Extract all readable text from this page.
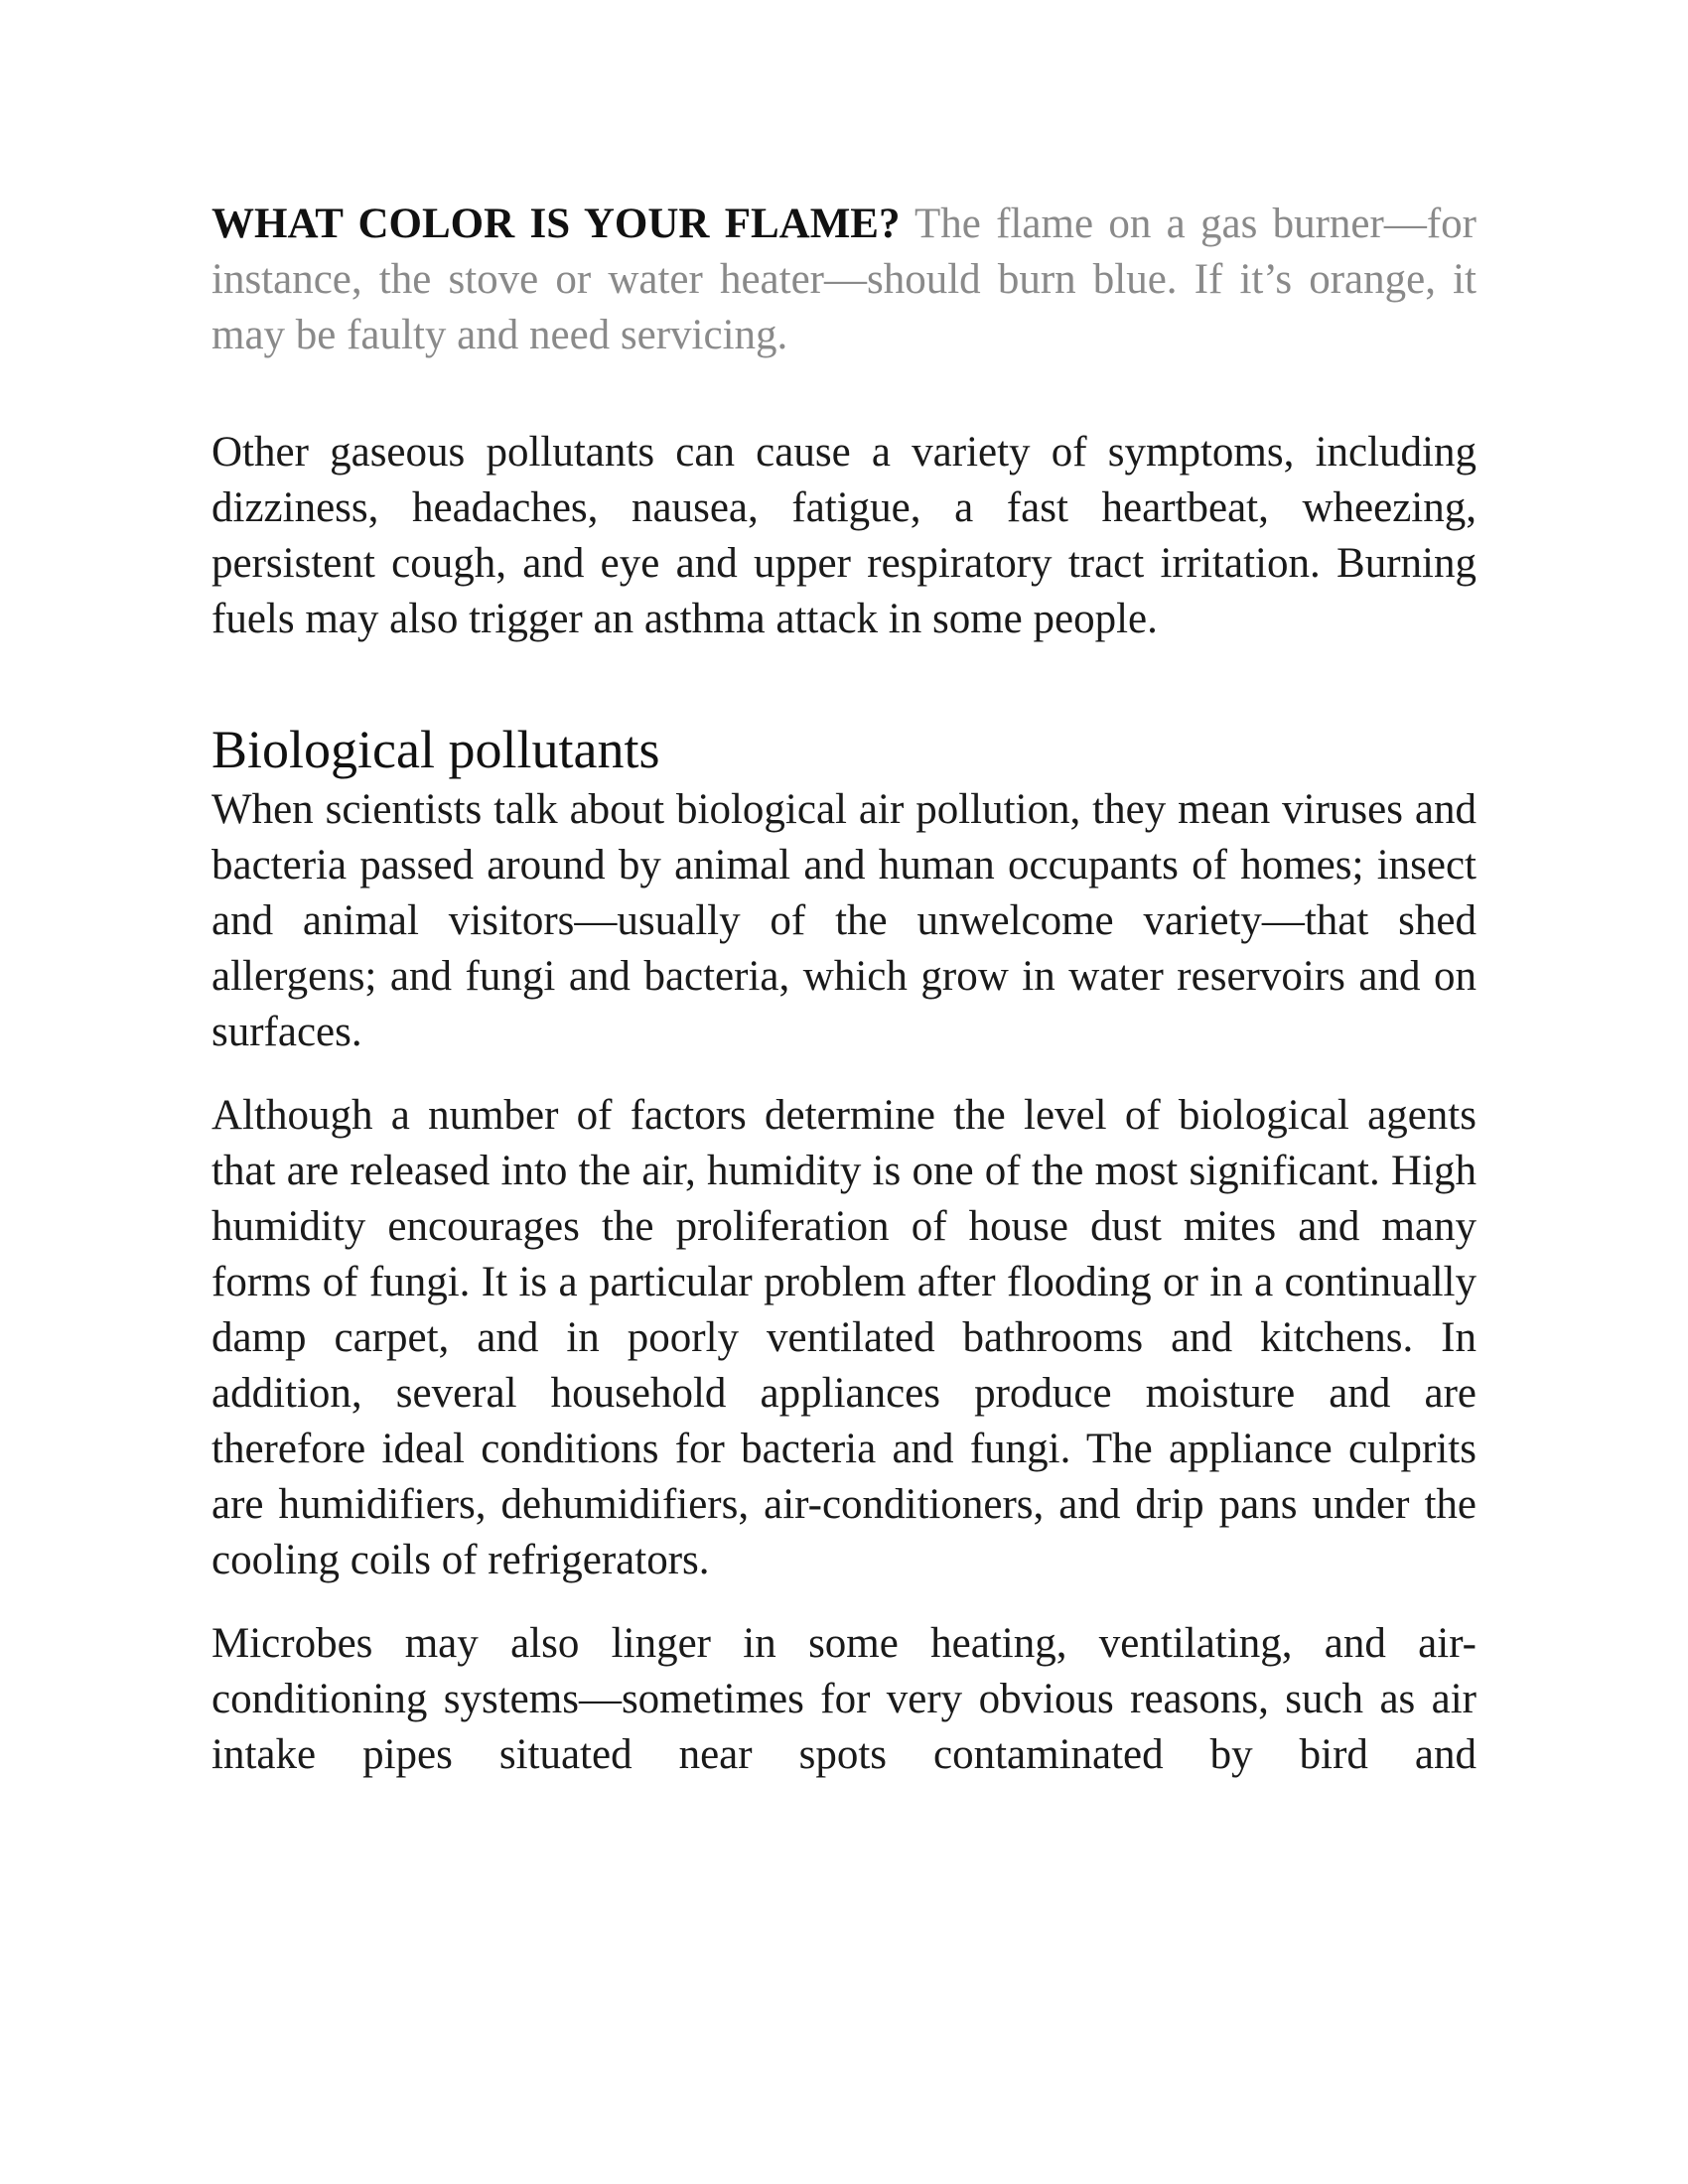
WHAT COLOR IS YOUR FLAME? The flame on a gas burner—for instance, the stove or water heater—should burn blue. If it’s orange, it may be faulty and need servicing.

Other gaseous pollutants can cause a variety of symptoms, including dizziness, headaches, nausea, fatigue, a fast heartbeat, wheezing, persistent cough, and eye and upper respiratory tract irritation. Burning fuels may also trigger an asthma attack in some people.

Biological pollutants

When scientists talk about biological air pollution, they mean viruses and bacteria passed around by animal and human occupants of homes; insect and animal visitors—usually of the unwelcome variety—that shed allergens; and fungi and bacteria, which grow in water reservoirs and on surfaces.

Although a number of factors determine the level of biological agents that are released into the air, humidity is one of the most significant. High humidity encourages the proliferation of house dust mites and many forms of fungi. It is a particular problem after flooding or in a continually damp carpet, and in poorly ventilated bathrooms and kitchens. In addition, several household appliances produce moisture and are therefore ideal conditions for bacteria and fungi. The appliance culprits are humidifiers, dehumidifiers, air-conditioners, and drip pans under the cooling coils of refrigerators.

Microbes may also linger in some heating, ventilating, and air-conditioning systems—sometimes for very obvious reasons, such as air intake pipes situated near spots contaminated by bird and
